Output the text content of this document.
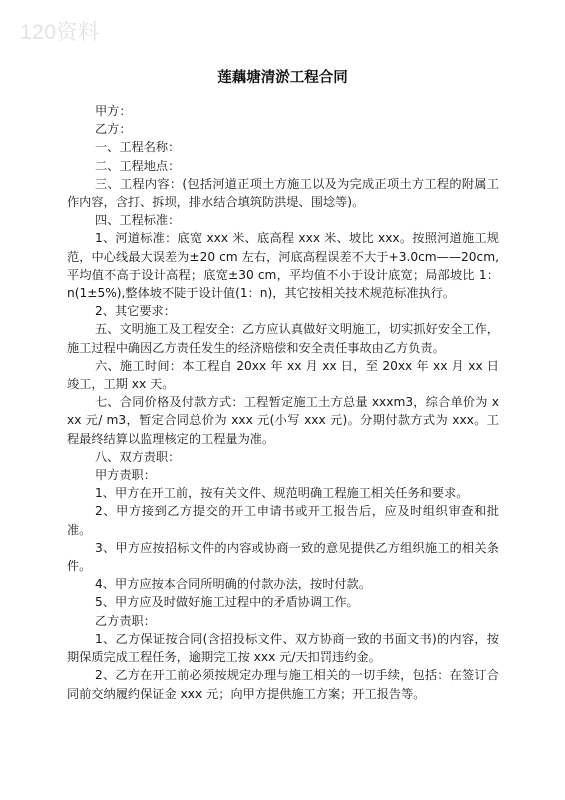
120资料
莲藕塘清淤工程合同

甲方：

乙方：

一、工程名称：

二、工程地点：

三、工程内容：(包括河道正项土方施工以及为完成正项土方工程的附属工作内容，含打、拆坝，排水结合填筑防洪堤、围埝等)。

四、工程标准：

1、河道标准：底宽 xxx 米、底高程 xxx 米、坡比 xxx。按照河道施工规范，中心线最大误差为±20 cm 左右，河底高程误差不大于+3.0cm——20cm,平均值不高于设计高程；底宽±30 cm，平均值不小于设计底宽；局部坡比 1：n(1±5%),整体坡不陡于设计值(1：n)，其它按相关技术规范标准执行。

2、其它要求：

五、文明施工及工程安全：乙方应认真做好文明施工，切实抓好安全工作，施工过程中确因乙方责任发生的经济赔偿和安全责任事故由乙方负责。

六、施工时间：本工程自 20xx 年 xx 月 xx 日，至 20xx 年 xx 月 xx 日竣工，工期 xx 天。

七、合同价格及付款方式：工程暂定施工土方总量 xxxm3，综合单价为 xxx 元/ m3，暂定合同总价为 xxx 元(小写 xxx 元)。分期付款方式为 xxx。工程最终结算以监理核定的工程量为准。

八、双方责职：

甲方责职：

1、甲方在开工前，按有关文件、规范明确工程施工相关任务和要求。

2、甲方接到乙方提交的开工申请书或开工报告后，应及时组织审查和批准。

3、甲方应按招标文件的内容或协商一致的意见提供乙方组织施工的相关条件。

4、甲方应按本合同所明确的付款办法，按时付款。

5、甲方应及时做好施工过程中的矛盾协调工作。

乙方责职：

1、乙方保证按合同(含招投标文件、双方协商一致的书面文书)的内容，按期保质完成工程任务，逾期完工按 xxx 元/天扣罚违约金。

2、乙方在开工前必须按规定办理与施工相关的一切手续，包括：在签订合同前交纳履约保证金 xxx 元；向甲方提供施工方案；开工报告等。
